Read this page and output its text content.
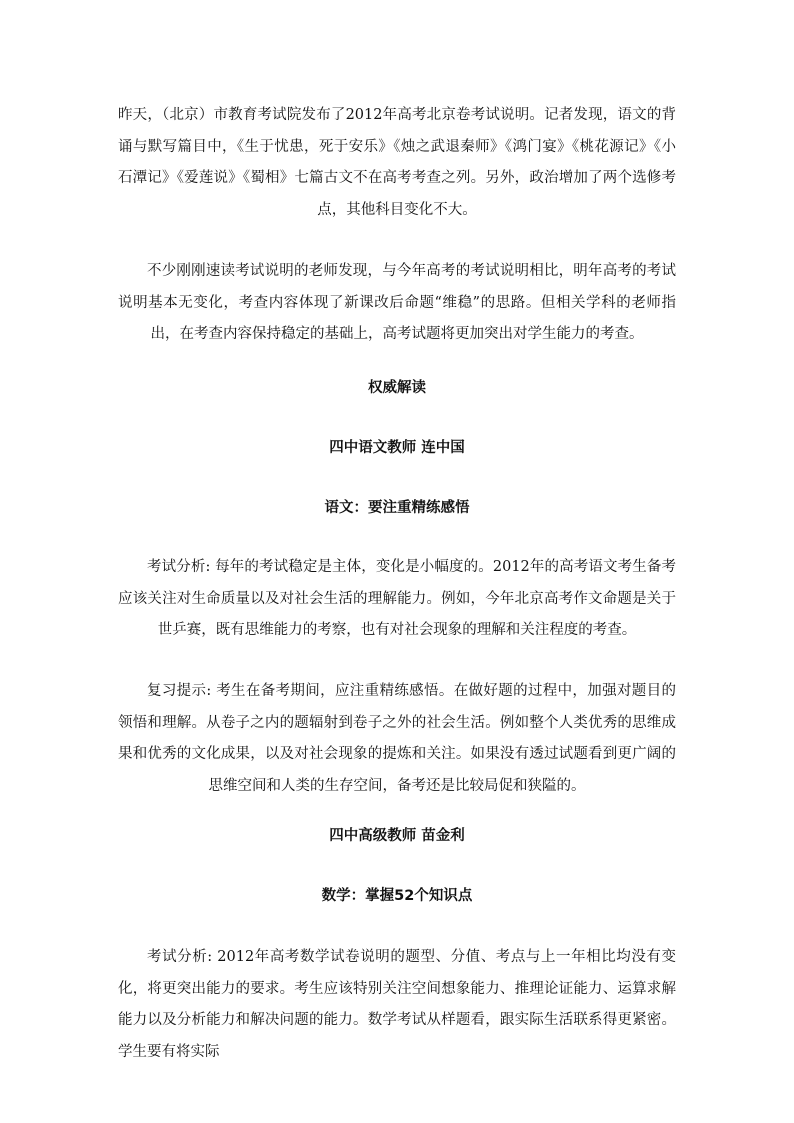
昨天，（北京）市教育考试院发布了2012年高考北京卷考试说明。记者发现，语文的背诵与默写篇目中，《生于忧患，死于安乐》《烛之武退秦师》《鸿门宴》《桃花源记》《小石潭记》《爱莲说》《蜀相》七篇古文不在高考考查之列。另外，政治增加了两个选修考点，其他科目变化不大。

不少刚刚速读考试说明的老师发现，与今年高考的考试说明相比，明年高考的考试说明基本无变化，考查内容体现了新课改后命题“维稳”的思路。但相关学科的老师指出，在考查内容保持稳定的基础上，高考试题将更加突出对学生能力的考查。

权威解读

四中语文教师 连中国

语文：要注重精练感悟

考试分析: 每年的考试稳定是主体，变化是小幅度的。2012年的高考语文考生备考应该关注对生命质量以及对社会生活的理解能力。例如，今年北京高考作文命题是关于世乒赛，既有思维能力的考察，也有对社会现象的理解和关注程度的考查。

复习提示: 考生在备考期间，应注重精练感悟。在做好题的过程中，加强对题目的领悟和理解。从卷子之内的题辐射到卷子之外的社会生活。例如整个人类优秀的思维成果和优秀的文化成果，以及对社会现象的提炼和关注。如果没有透过试题看到更广阔的思维空间和人类的生存空间，备考还是比较局促和狭隘的。

四中高级教师 苗金利

数学：掌握52个知识点

考试分析: 2012年高考数学试卷说明的题型、分值、考点与上一年相比均没有变化，将更突出能力的要求。考生应该特别关注空间想象能力、推理论证能力、运算求解能力以及分析能力和解决问题的能力。数学考试从样题看，跟实际生活联系得更紧密。学生要有将实际
